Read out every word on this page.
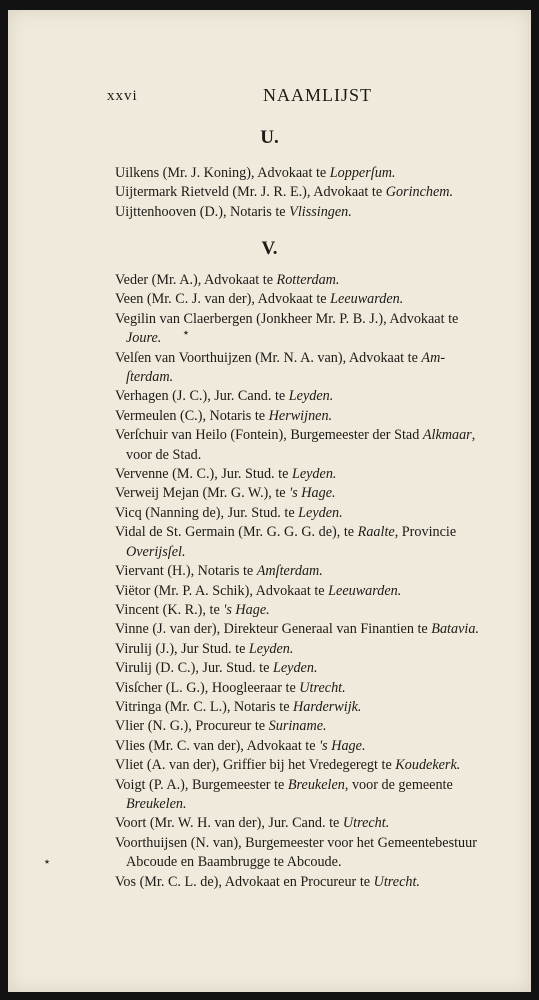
xxvi	NAAMLIJST
U.
Uilkens (Mr. J. Koning), Advokaat te Lopperſum.
Uijtermark Rietveld (Mr. J. R. E.), Advokaat te Gorinchem.
Uijttenhooven (D.), Notaris te Vlissingen.
V.
Veder (Mr. A.), Advokaat te Rotterdam.
Veen (Mr. C. J. van der), Advokaat te Leeuwarden.
Vegilin van Claerbergen (Jonkheer Mr. P. B. J.), Advokaat te
Joure.
Velſen van Voorthuijzen (Mr. N. A. van), Advokaat te Am-
ſterdam.
Verhagen (J. C.), Jur. Cand. te Leyden.
Vermeulen (C.), Notaris te Herwijnen.
Verſchuir van Heilo (Fontein), Burgemeester der Stad Alkmaar,
voor de Stad.
Vervenne (M. C.), Jur. Stud. te Leyden.
Verweij Mejan (Mr. G. W.), te 's Hage.
Vicq (Nanning de), Jur. Stud. te Leyden.
Vidal de St. Germain (Mr. G. G. G. de), te Raalte, Provincie
Overijsſel.
Viervant (H.), Notaris te Amſterdam.
Viëtor (Mr. P. A. Schik), Advokaat te Leeuwarden.
Vincent (K. R.), te 's Hage.
Vinne (J. van der), Direkteur Generaal van Finantien te Batavia.
Virulij (J.), Jur Stud. te Leyden.
Virulij (D. C.), Jur. Stud. te Leyden.
Visſcher (L. G.), Hoogleeraar te Utrecht.
Vitringa (Mr. C. L.), Notaris te Harderwijk.
Vlier (N. G.), Procureur te Suriname.
Vlies (Mr. C. van der), Advokaat te 's Hage.
Vliet (A. van der), Griffier bij het Vredegeregt te Koudekerk.
Voigt (P. A.), Burgemeester te Breukelen, voor de gemeente
Breukelen.
Voort (Mr. W. H. van der), Jur. Cand. te Utrecht.
Voorthuijsen (N. van), Burgemeester voor het Gemeentebestuur
Abcoude en Baambrugge te Abcoude.
Vos (Mr. C. L. de), Advokaat en Procureur te Utrecht.
٭
٭
